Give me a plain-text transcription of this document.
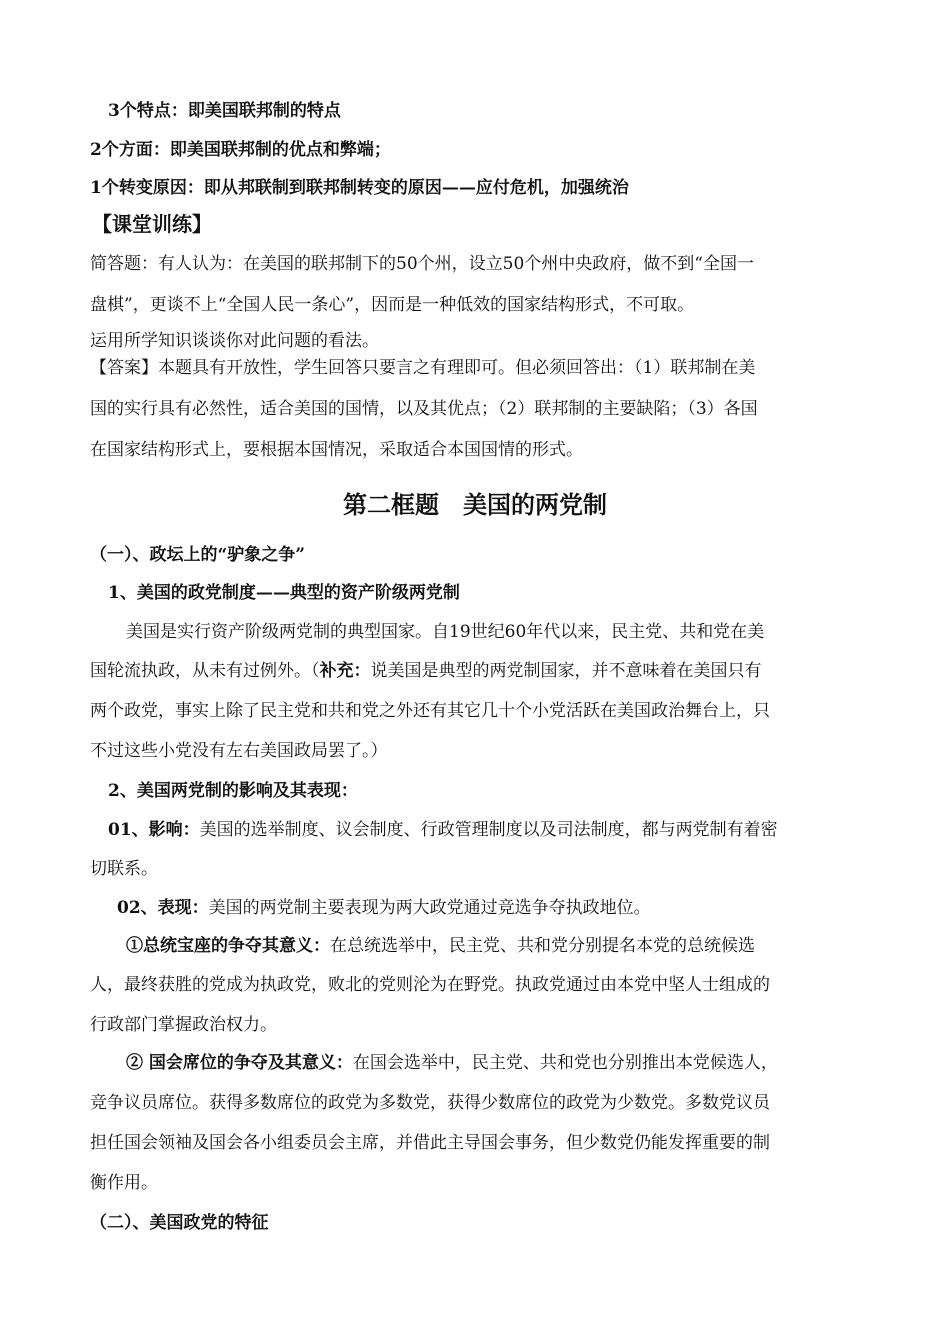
3个特点：即美国联邦制的特点
2个方面：即美国联邦制的优点和弊端；
1个转变原因：即从邦联制到联邦制转变的原因——应付危机，加强统治
【课堂训练】
简答题：有人认为：在美国的联邦制下的50个州，设立50个州中央政府，做不到“全国一
盘棋”，更谈不上“全国人民一条心”，因而是一种低效的国家结构形式，不可取。
运用所学知识谈谈你对此问题的看法。
【答案】本题具有开放性，学生回答只要言之有理即可。但必须回答出：（1）联邦制在美
国的实行具有必然性，适合美国的国情，以及其优点；（2）联邦制的主要缺陷；（3）各国
在国家结构形式上，要根据本国情况，采取适合本国国情的形式。
第二框题　美国的两党制
（一）、政坛上的“驴象之争”
1、美国的政党制度——典型的资产阶级两党制
美国是实行资产阶级两党制的典型国家。自19世纪60年代以来，民主党、共和党在美
国轮流执政，从未有过例外。（补充：说美国是典型的两党制国家，并不意味着在美国只有
两个政党，事实上除了民主党和共和党之外还有其它几十个小党活跃在美国政治舞台上，只
不过这些小党没有左右美国政局罢了。）
2、美国两党制的影响及其表现：
01、影响：美国的选举制度、议会制度、行政管理制度以及司法制度，都与两党制有着密
切联系。
02、表现：美国的两党制主要表现为两大政党通过竞选争夺执政地位。
①总统宝座的争夺其意义：在总统选举中，民主党、共和党分别提名本党的总统候选
人，最终获胜的党成为执政党，败北的党则沦为在野党。执政党通过由本党中坚人士组成的
行政部门掌握政治权力。
② 国会席位的争夺及其意义：在国会选举中，民主党、共和党也分别推出本党候选人，
竞争议员席位。获得多数席位的政党为多数党，获得少数席位的政党为少数党。多数党议员
担任国会领袖及国会各小组委员会主席，并借此主导国会事务，但少数党仍能发挥重要的制
衡作用。
（二）、美国政党的特征
